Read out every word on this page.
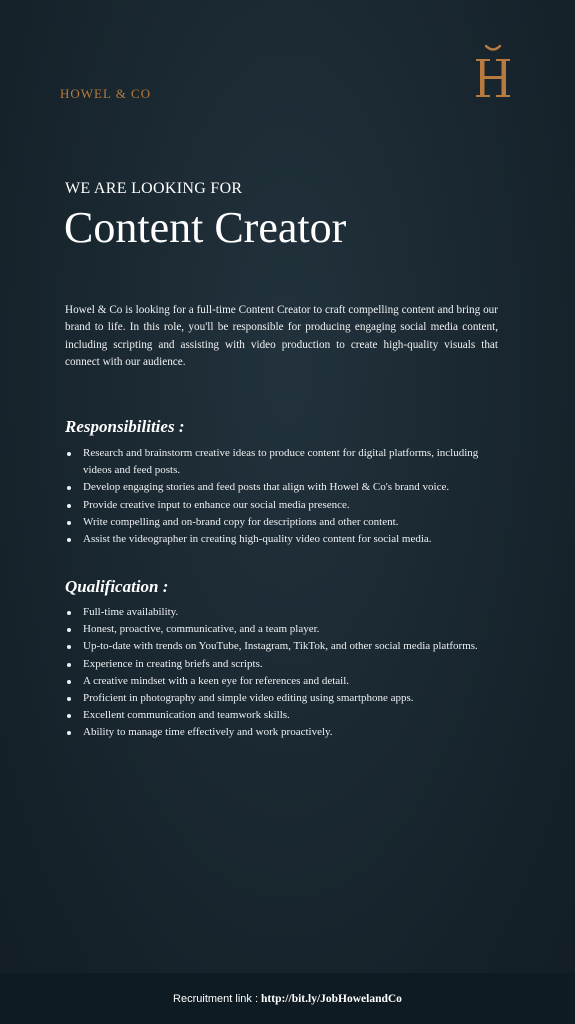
HOWEL & CO
WE ARE LOOKING FOR
Content Creator

Howel & Co is looking for a full-time Content Creator to craft compelling content and bring our brand to life. In this role, you'll be responsible for producing engaging social media content, including scripting and assisting with video production to create high-quality visuals that connect with our audience.

Responsibilities :
Research and brainstorm creative ideas to produce content for digital platforms, including videos and feed posts.
Develop engaging stories and feed posts that align with Howel & Co's brand voice.
Provide creative input to enhance our social media presence.
Write compelling and on-brand copy for descriptions and other content.
Assist the videographer in creating high-quality video content for social media.
Qualification :
Full-time availability.
Honest, proactive, communicative, and a team player.
Up-to-date with trends on YouTube, Instagram, TikTok, and other social media platforms.
Experience in creating briefs and scripts.
A creative mindset with a keen eye for references and detail.
Proficient in photography and simple video editing using smartphone apps.
Excellent communication and teamwork skills.
Ability to manage time effectively and work proactively.
Recruitment link : http://bit.ly/JobHowelandCo
